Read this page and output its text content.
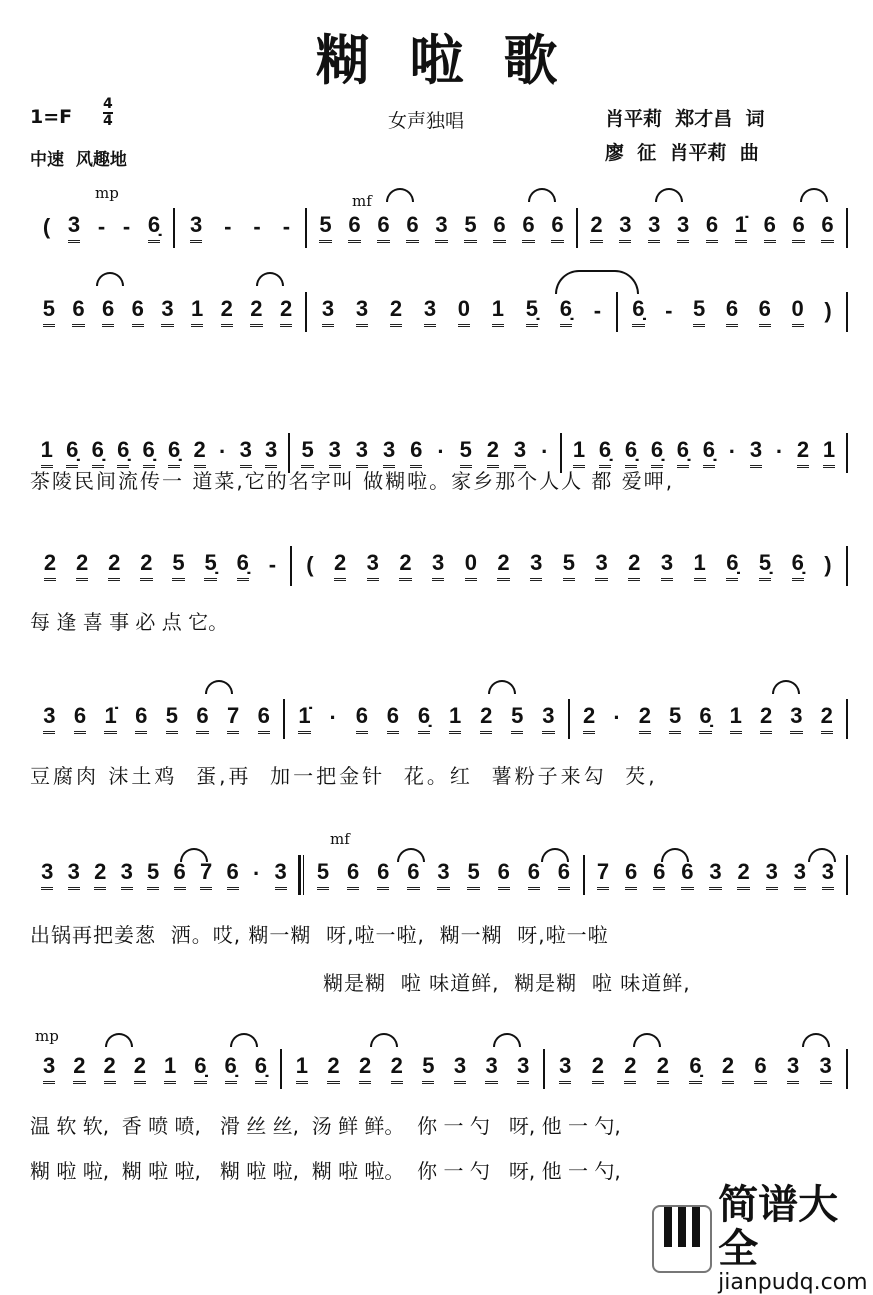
糊啦歌
1=F
4
4
中速  风趣地
女声独唱	肖平莉  郑才昌  词
廖  征  肖平莉  曲
mp	mf
mf
mp
( 3 - - 6̣ 3 - - - 5 6 6 6 3 5 6 6 6 2 3 3 3 6 1̇ 6 6 6
5 6 6 6 3 1 2 2 2 3 3 2 3 0 1 5̣ 6̣ - 6̣ - 5 6 6 0 )
1 6̣ 6̣ 6̣ 6̣ 6̣ 2 · 3 3 5 3 3 3 6 · 5 2 3 · 1 6̣ 6̣ 6̣ 6̣ 6̣ · 3 · 2 1
茶陵民间流传一 道菜,它的名字叫 做糊啦。家乡那个人人 都 爱呷,
2 2 2 2 5 5̣ 6̣ - ( 2 3 2 3 0 2 3 5 3 2 3 1 6̣ 5̣ 6̣ )
每 逢 喜 事 必 点 它。
3 6 1̇ 6 5 6 7 6 1̇ · 6 6 6̣ 1 2 5 3 2 · 2 5 6̣ 1 2 3 2
豆腐肉 沫土鸡  蛋,再  加一把金针  花。红  薯粉子来勾  芡,
3 3 2 3 5 6 7 6 · 3 5 6 6 6 3 5 6 6 6 7 6 6 6 3 2 3 3 3
出锅再把姜葱  洒。哎, 糊一糊  呀,啦一啦,  糊一糊  呀,啦一啦
糊是糊  啦 味道鲜,  糊是糊  啦 味道鲜,
3 2 2 2 1 6̣ 6̣ 6̣ 1 2 2 2 5 3 3 3 3 2 2 2 6̣ 2 6 3 3
温 软 软,  香 喷 喷,   滑 丝 丝,  汤 鲜 鲜。  你 一 勺   呀, 他 一 勺,
糊 啦 啦,  糊 啦 啦,   糊 啦 啦,  糊 啦 啦。  你 一 勺   呀, 他 一 勺,
简谱大全
jianpudq.com
